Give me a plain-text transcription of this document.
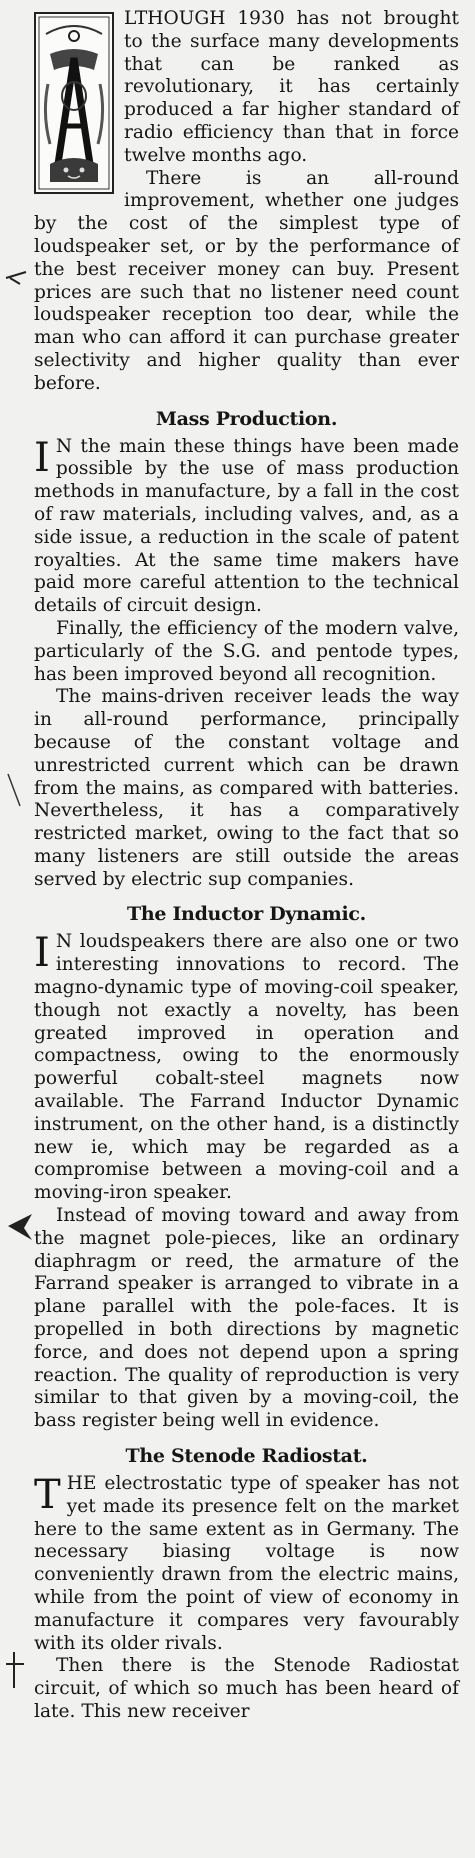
A

LTHOUGH 1930 has not brought to the surface many developments that can be ranked as revolutionary, it has certainly produced a far higher standard of radio efficiency than that in force twelve months ago.

There is an all-round improvement, whether one judges by the cost of the simplest type of loudspeaker set, or by the performance of the best receiver money can buy. Present prices are such that no listener need count loudspeaker reception too dear, while the man who can afford it can purchase greater selectivity and higher quality than ever before.

Mass Production.
I N the main these things have been made possible by the use of mass production methods in manufacture, by a fall in the cost of raw materials, including valves, and, as a side issue, a reduction in the scale of patent royalties. At the same time makers have paid more careful attention to the technical details of circuit design.

Finally, the efficiency of the modern valve, particularly of the S.G. and pentode types, has been improved beyond all recognition.

The mains-driven receiver leads the way in all-round performance, principally because of the constant voltage and unrestricted current which can be drawn from the mains, as compared with batteries. Nevertheless, it has a comparatively restricted market, owing to the fact that so many listeners are still outside the areas served by electric sup companies.

The Inductor Dynamic.
I N loudspeakers there are also one or two interesting innovations to record. The magno-dynamic type of moving-coil speaker, though not exactly a novelty, has been greated improved in operation and compactness, owing to the enormously powerful cobalt-steel magnets now available. The Farrand Inductor Dynamic instrument, on the other hand, is a distinctly new ie, which may be regarded as a compromise between a moving-coil and a moving-iron speaker.

Instead of moving toward and away from the magnet pole-pieces, like an ordinary diaphragm or reed, the armature of the Farrand speaker is arranged to vibrate in a plane parallel with the pole-faces. It is propelled in both directions by magnetic force, and does not depend upon a spring reaction. The quality of reproduction is very similar to that given by a moving-coil, the bass register being well in evidence.

The Stenode Radiostat.
T HE electrostatic type of speaker has not yet made its presence felt on the market here to the same extent as in Germany. The necessary biasing voltage is now conveniently drawn from the electric mains, while from the point of view of economy in manufacture it compares very favourably with its older rivals.

Then there is the Stenode Radiostat circuit, of which so much has been heard of late. This new receiver
